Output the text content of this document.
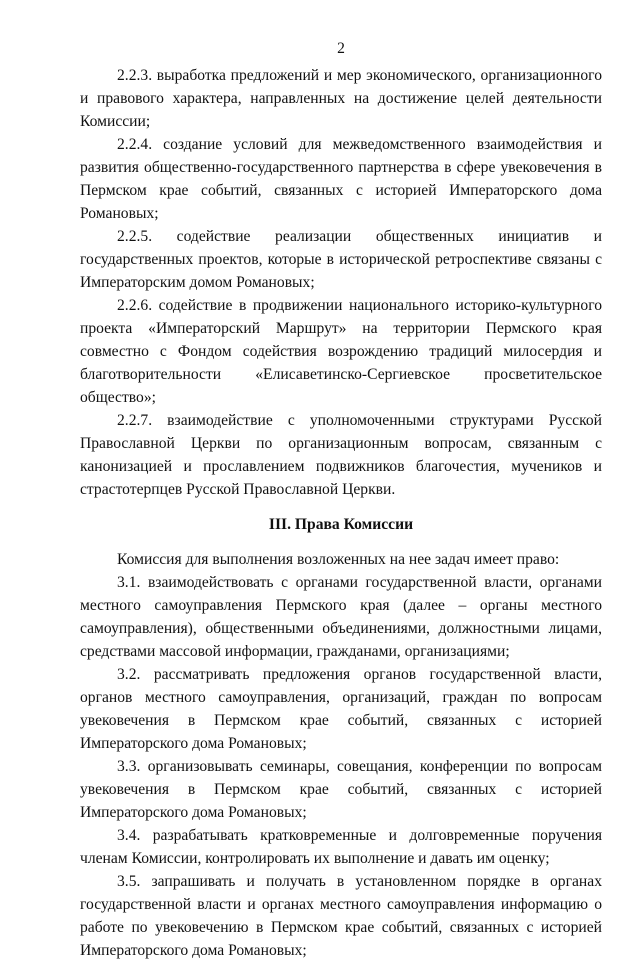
2

2.2.3. выработка предложений и мер экономического, организационного и правового характера, направленных на достижение целей деятельности Комиссии;

2.2.4. создание условий для межведомственного взаимодействия и развития общественно-государственного партнерства в сфере увековечения в Пермском крае событий, связанных с историей Императорского дома Романовых;

2.2.5. содействие реализации общественных инициатив и государственных проектов, которые в исторической ретроспективе связаны с Императорским домом Романовых;

2.2.6. содействие в продвижении национального историко-культурного проекта «Императорский Маршрут» на территории Пермского края совместно с Фондом содействия возрождению традиций милосердия и благотворительности «Елисаветинско-Сергиевское просветительское общество»;

2.2.7. взаимодействие с уполномоченными структурами Русской Православной Церкви по организационным вопросам, связанным с канонизацией и прославлением подвижников благочестия, мучеников и страстотерпцев Русской Православной Церкви.

III. Права Комиссии

Комиссия для выполнения возложенных на нее задач имеет право:

3.1. взаимодействовать с органами государственной власти, органами местного самоуправления Пермского края (далее – органы местного самоуправления), общественными объединениями, должностными лицами, средствами массовой информации, гражданами, организациями;

3.2. рассматривать предложения органов государственной власти, органов местного самоуправления, организаций, граждан по вопросам увековечения в Пермском крае событий, связанных с историей Императорского дома Романовых;

3.3. организовывать семинары, совещания, конференции по вопросам увековечения в Пермском крае событий, связанных с историей Императорского дома Романовых;

3.4. разрабатывать кратковременные и долговременные поручения членам Комиссии, контролировать их выполнение и давать им оценку;

3.5. запрашивать и получать в установленном порядке в органах государственной власти и органах местного самоуправления информацию о работе по увековечению в Пермском крае событий, связанных с историей Императорского дома Романовых;
